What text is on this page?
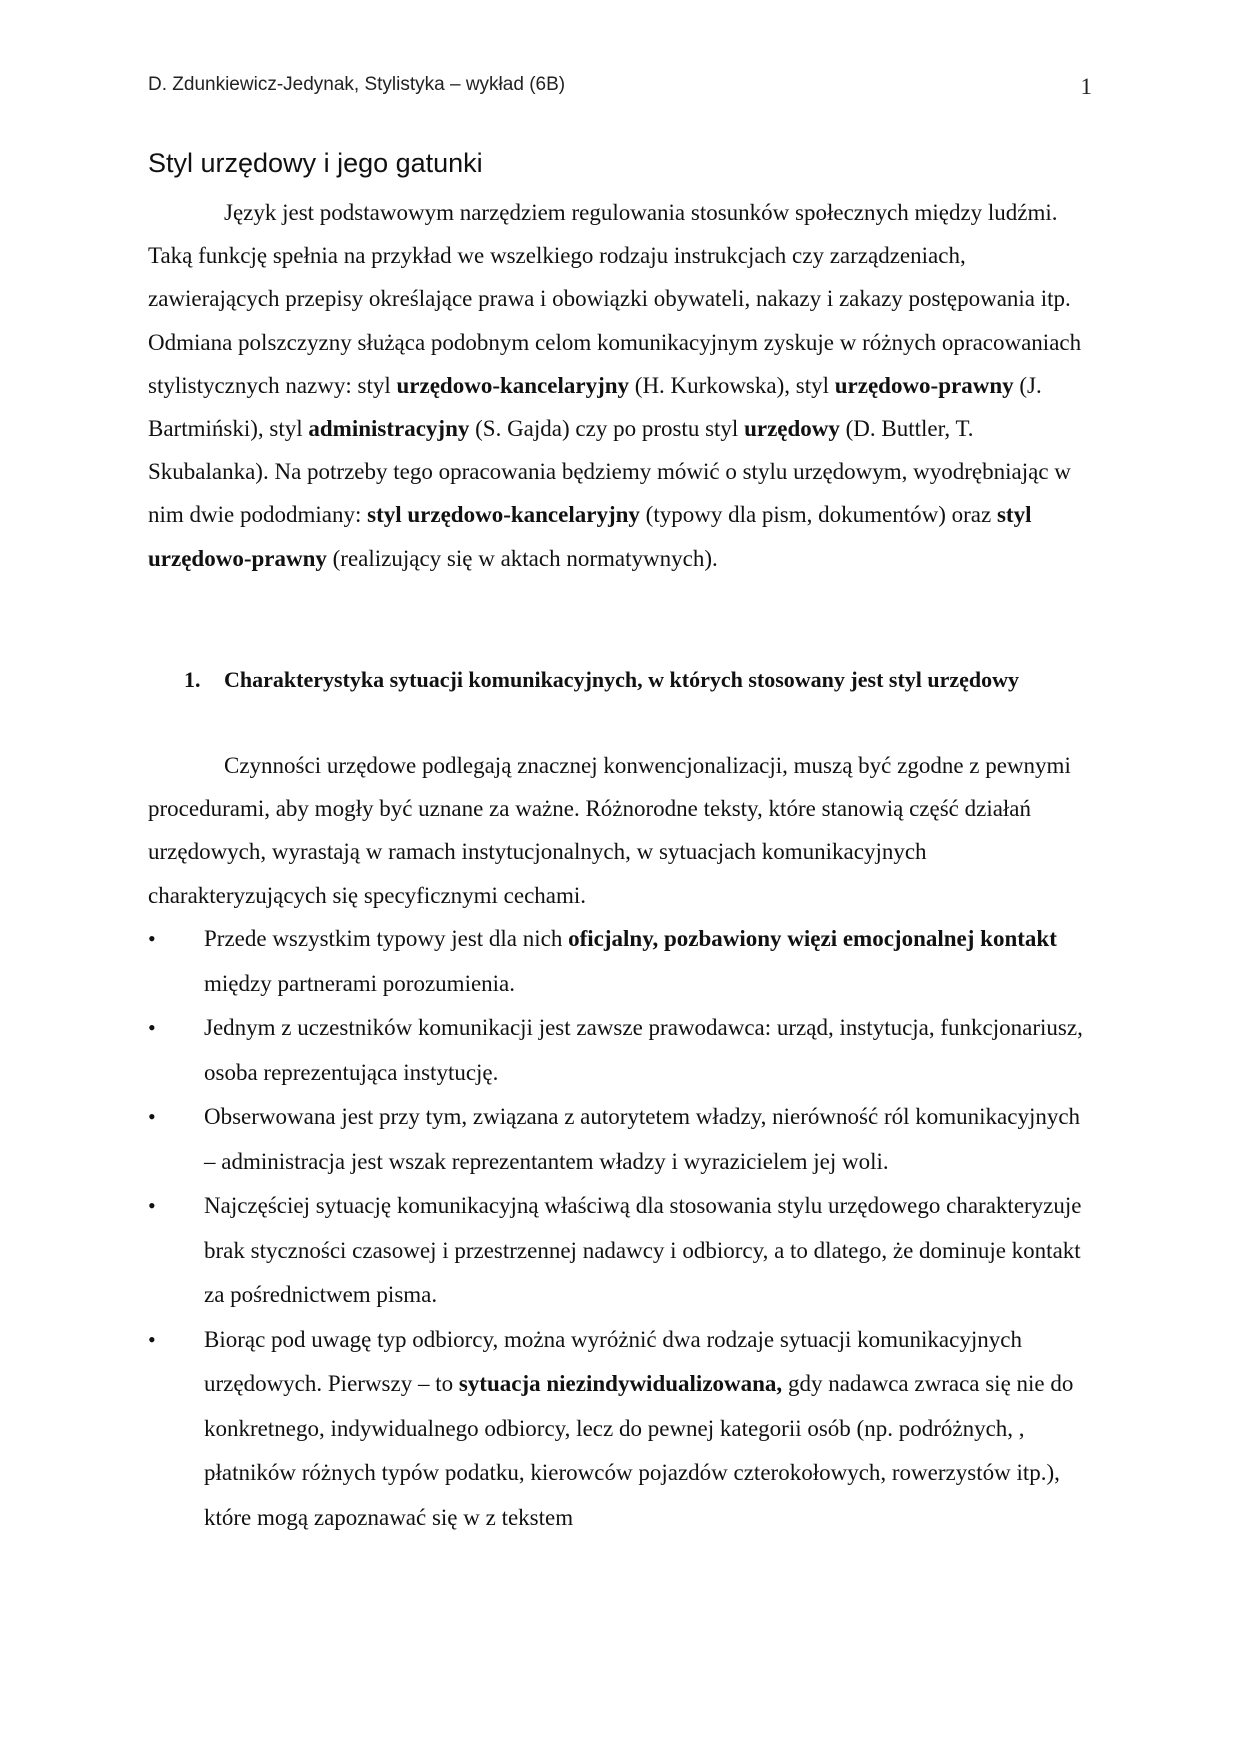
D. Zdunkiewicz-Jedynak, Stylistyka – wykład (6B)	1
Styl urzędowy i jego gatunki
Język jest podstawowym narzędziem regulowania stosunków społecznych między ludźmi. Taką funkcję spełnia na przykład we wszelkiego rodzaju instrukcjach czy zarządzeniach, zawierających przepisy określające prawa i obowiązki obywateli, nakazy i zakazy postępowania itp. Odmiana polszczyzny służąca podobnym celom komunikacyjnym zyskuje w różnych opracowaniach stylistycznych nazwy: styl urzędowo-kancelaryjny (H. Kurkowska), styl urzędowo-prawny (J. Bartmiński), styl administracyjny (S. Gajda) czy po prostu styl urzędowy (D. Buttler, T. Skubalanka). Na potrzeby tego opracowania będziemy mówić o stylu urzędowym, wyodrębniając w nim dwie pododmiany: styl urzędowo-kancelaryjny (typowy dla pism, dokumentów) oraz styl urzędowo-prawny (realizujący się w aktach normatywnych).
1. Charakterystyka sytuacji komunikacyjnych, w których stosowany jest styl urzędowy
Czynności urzędowe podlegają znacznej konwencjonalizacji, muszą być zgodne z pewnymi procedurami, aby mogły być uznane za ważne. Różnorodne teksty, które stanowią część działań urzędowych, wyrastają w ramach instytucjonalnych, w sytuacjach komunikacyjnych charakteryzujących się specyficznymi cechami.
• Przede wszystkim typowy jest dla nich oficjalny, pozbawiony więzi emocjonalnej kontakt między partnerami porozumienia.
• Jednym z uczestników komunikacji jest zawsze prawodawca: urząd, instytucja, funkcjonariusz, osoba reprezentująca instytucję.
• Obserwowana jest przy tym, związana z autorytetem władzy, nierówność ról komunikacyjnych – administracja jest wszak reprezentantem władzy i wyrazicielem jej woli.
• Najczęściej sytuację komunikacyjną właściwą dla stosowania stylu urzędowego charakteryzuje brak styczności czasowej i przestrzennej nadawcy i odbiorcy, a to dlatego, że dominuje kontakt za pośrednictwem pisma.
• Biorąc pod uwagę typ odbiorcy, można wyróżnić dwa rodzaje sytuacji komunikacyjnych urzędowych. Pierwszy – to sytuacja niezindywidualizowana, gdy nadawca zwraca się nie do konkretnego, indywidualnego odbiorcy, lecz do pewnej kategorii osób (np. podróżnych, , płatników różnych typów podatku, kierowców pojazdów czterokołowych, rowerzystów itp.), które mogą zapoznawać się w z tekstem
